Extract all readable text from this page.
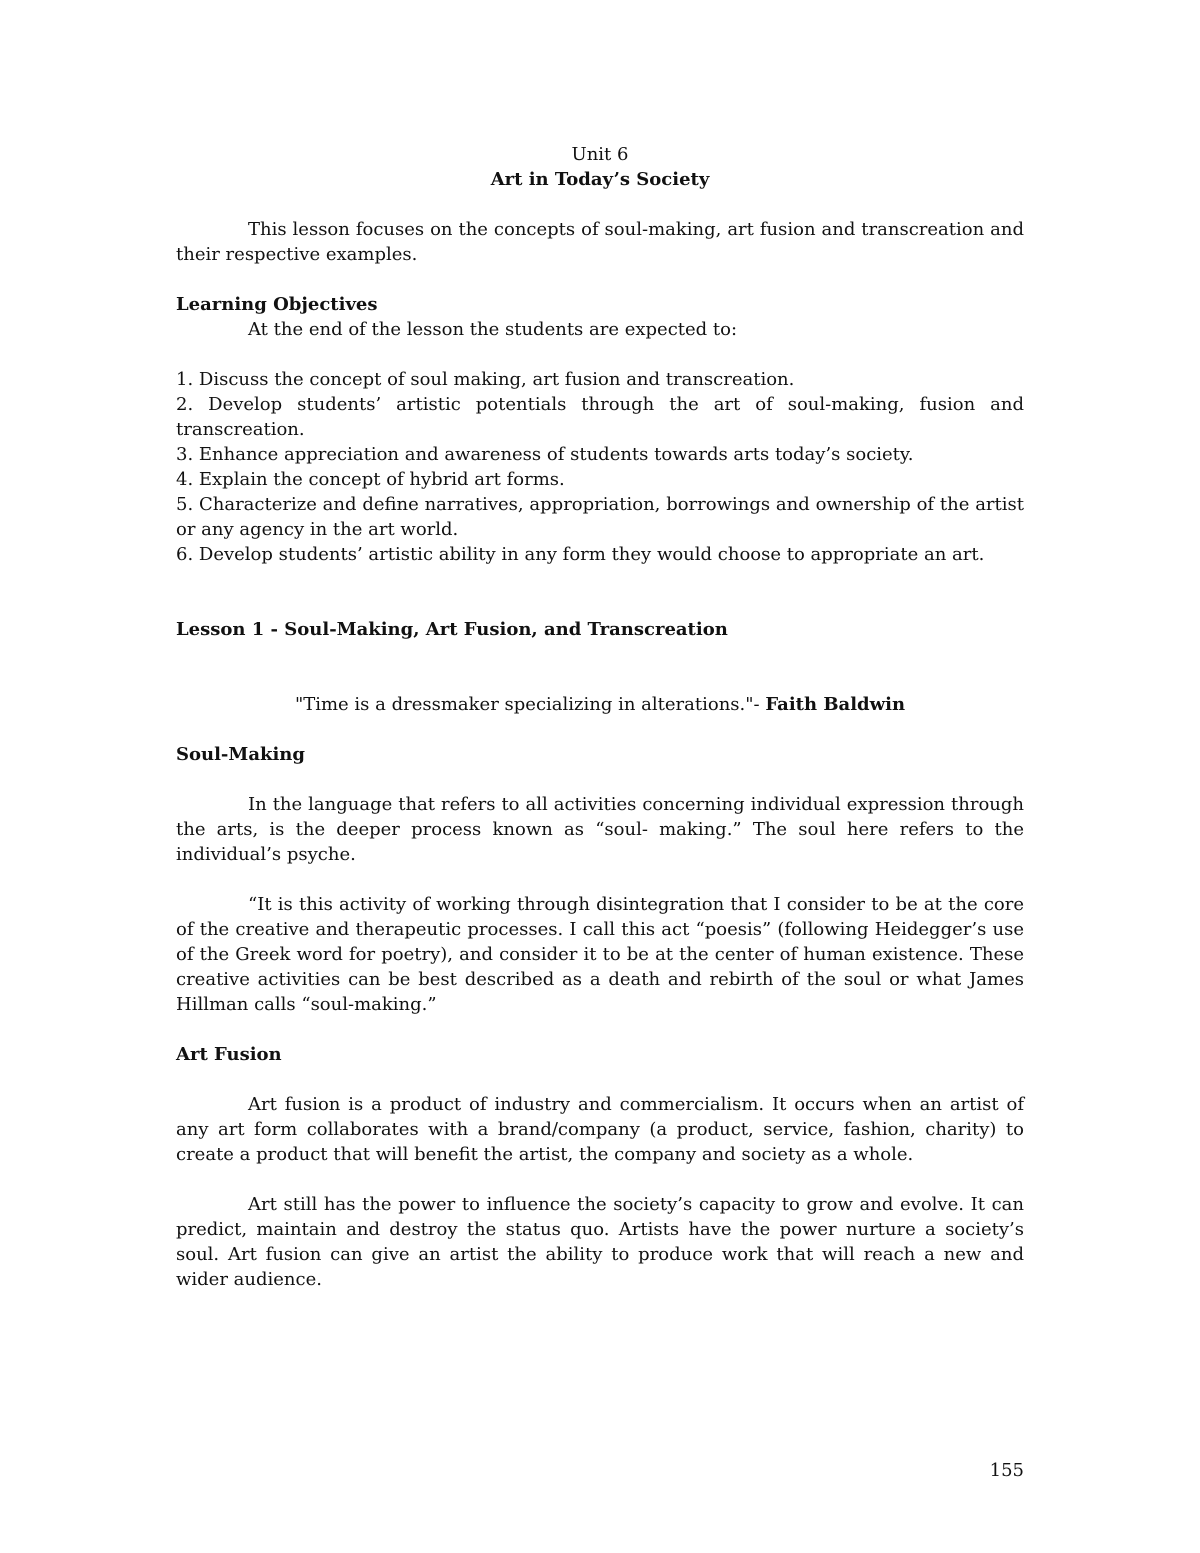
Unit 6
Art in Today’s Society
This lesson focuses on the concepts of soul-making, art fusion and transcreation and their respective examples.
Learning Objectives
At the end of the lesson the students are expected to:
1. Discuss the concept of soul making, art fusion and transcreation.
2. Develop students’ artistic potentials through the art of soul-making, fusion and transcreation.
3. Enhance appreciation and awareness of students towards arts today’s society.
4. Explain the concept of hybrid art forms.
5. Characterize and define narratives, appropriation, borrowings and ownership of the artist or any agency in the art world.
6. Develop students’ artistic ability in any form they would choose to appropriate an art.
Lesson 1 - Soul-Making, Art Fusion, and Transcreation
"Time is a dressmaker specializing in alterations."- Faith Baldwin
Soul-Making
In the language that refers to all activities concerning individual expression through the arts, is the deeper process known as “soul- making.” The soul here refers to the individual’s psyche.
“It is this activity of working through disintegration that I consider to be at the core of the creative and therapeutic processes. I call this act “poesis” (following Heidegger’s use of the Greek word for poetry), and consider it to be at the center of human existence. These creative activities can be best described as a death and rebirth of the soul or what James Hillman calls “soul-making.”
Art Fusion
Art fusion is a product of industry and commercialism. It occurs when an artist of any art form collaborates with a brand/company (a product, service, fashion, charity) to create a product that will benefit the artist, the company and society as a whole.
Art still has the power to influence the society’s capacity to grow and evolve. It can predict, maintain and destroy the status quo. Artists have the power nurture a society’s soul. Art fusion can give an artist the ability to produce work that will reach a new and wider audience.
155
